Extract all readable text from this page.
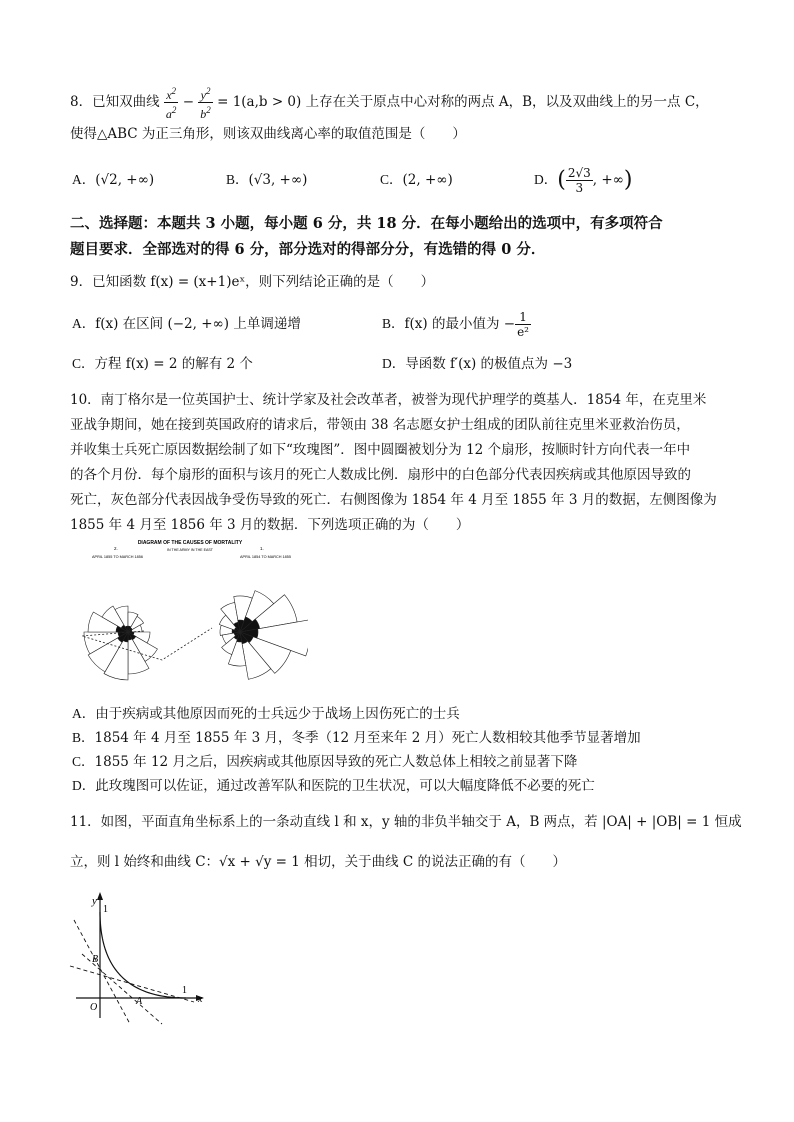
8．已知双曲线 $\frac{x^2}{a^2} - \frac{y^2}{b^2} = 1(a,b > 0)$ 上存在关于原点中心对称的两点 A，B，以及双曲线上的另一点 C，
使得△ABC 为正三角形，则该双曲线离心率的取值范围是（　　）
A．(√2, +∞)	B．(√3, +∞)	C．(2, +∞)	D．( $\frac{2√3}{3}$ , +∞)
二、选择题：本题共 3 小题，每小题 6 分，共 18 分．在每小题给出的选项中，有多项符合
题目要求．全部选对的得 6 分，部分选对的得部分分，有选错的得 0 分．
9．已知函数 f(x) = (x+1)eˣ，则下列结论正确的是（　　）
A．f(x) 在区间 (−2, +∞) 上单调递增	B．f(x) 的最小值为 − $\frac{1}{\text{e²}}$
C．方程 f(x) = 2 的解有 2 个	D．导函数 f′(x) 的极值点为 −3
10．南丁格尔是一位英国护士、统计学家及社会改革者，被誉为现代护理学的奠基人．1854 年，在克里米
亚战争期间，她在接到英国政府的请求后，带领由 38 名志愿女护士组成的团队前往克里米亚救治伤员，
并收集士兵死亡原因数据绘制了如下“玫瑰图”．图中圆圈被划分为 12 个扇形，按顺时针方向代表一年中
的各个月份．每个扇形的面积与该月的死亡人数成比例．扇形中的白色部分代表因疾病或其他原因导致的
死亡，灰色部分代表因战争受伤导致的死亡．右侧图像为 1854 年 4 月至 1855 年 3 月的数据，左侧图像为
1855 年 4 月至 1856 年 3 月的数据．下列选项正确的为（　　）
DIAGRAM OF THE CAUSES OF MORTALITY
IN THE ARMY IN THE EAST
2.
APRIL 1855 TO MARCH 1856
1.
APRIL 1854 TO MARCH 1855
A．由于疾病或其他原因而死的士兵远少于战场上因伤死亡的士兵
B．1854 年 4 月至 1855 年 3 月，冬季（12 月至来年 2 月）死亡人数相较其他季节显著增加
C．1855 年 12 月之后，因疾病或其他原因导致的死亡人数总体上相较之前显著下降
D．此玫瑰图可以佐证，通过改善军队和医院的卫生状况，可以大幅度降低不必要的死亡
11．如图，平面直角坐标系上的一条动直线 l 和 x，y 轴的非负半轴交于 A，B 两点，若 |OA| + |OB| = 1 恒成
立，则 l 始终和曲线 C：√x + √y = 1 相切，关于曲线 C 的说法正确的有（　　）
y
1
B
O
A
1
x
